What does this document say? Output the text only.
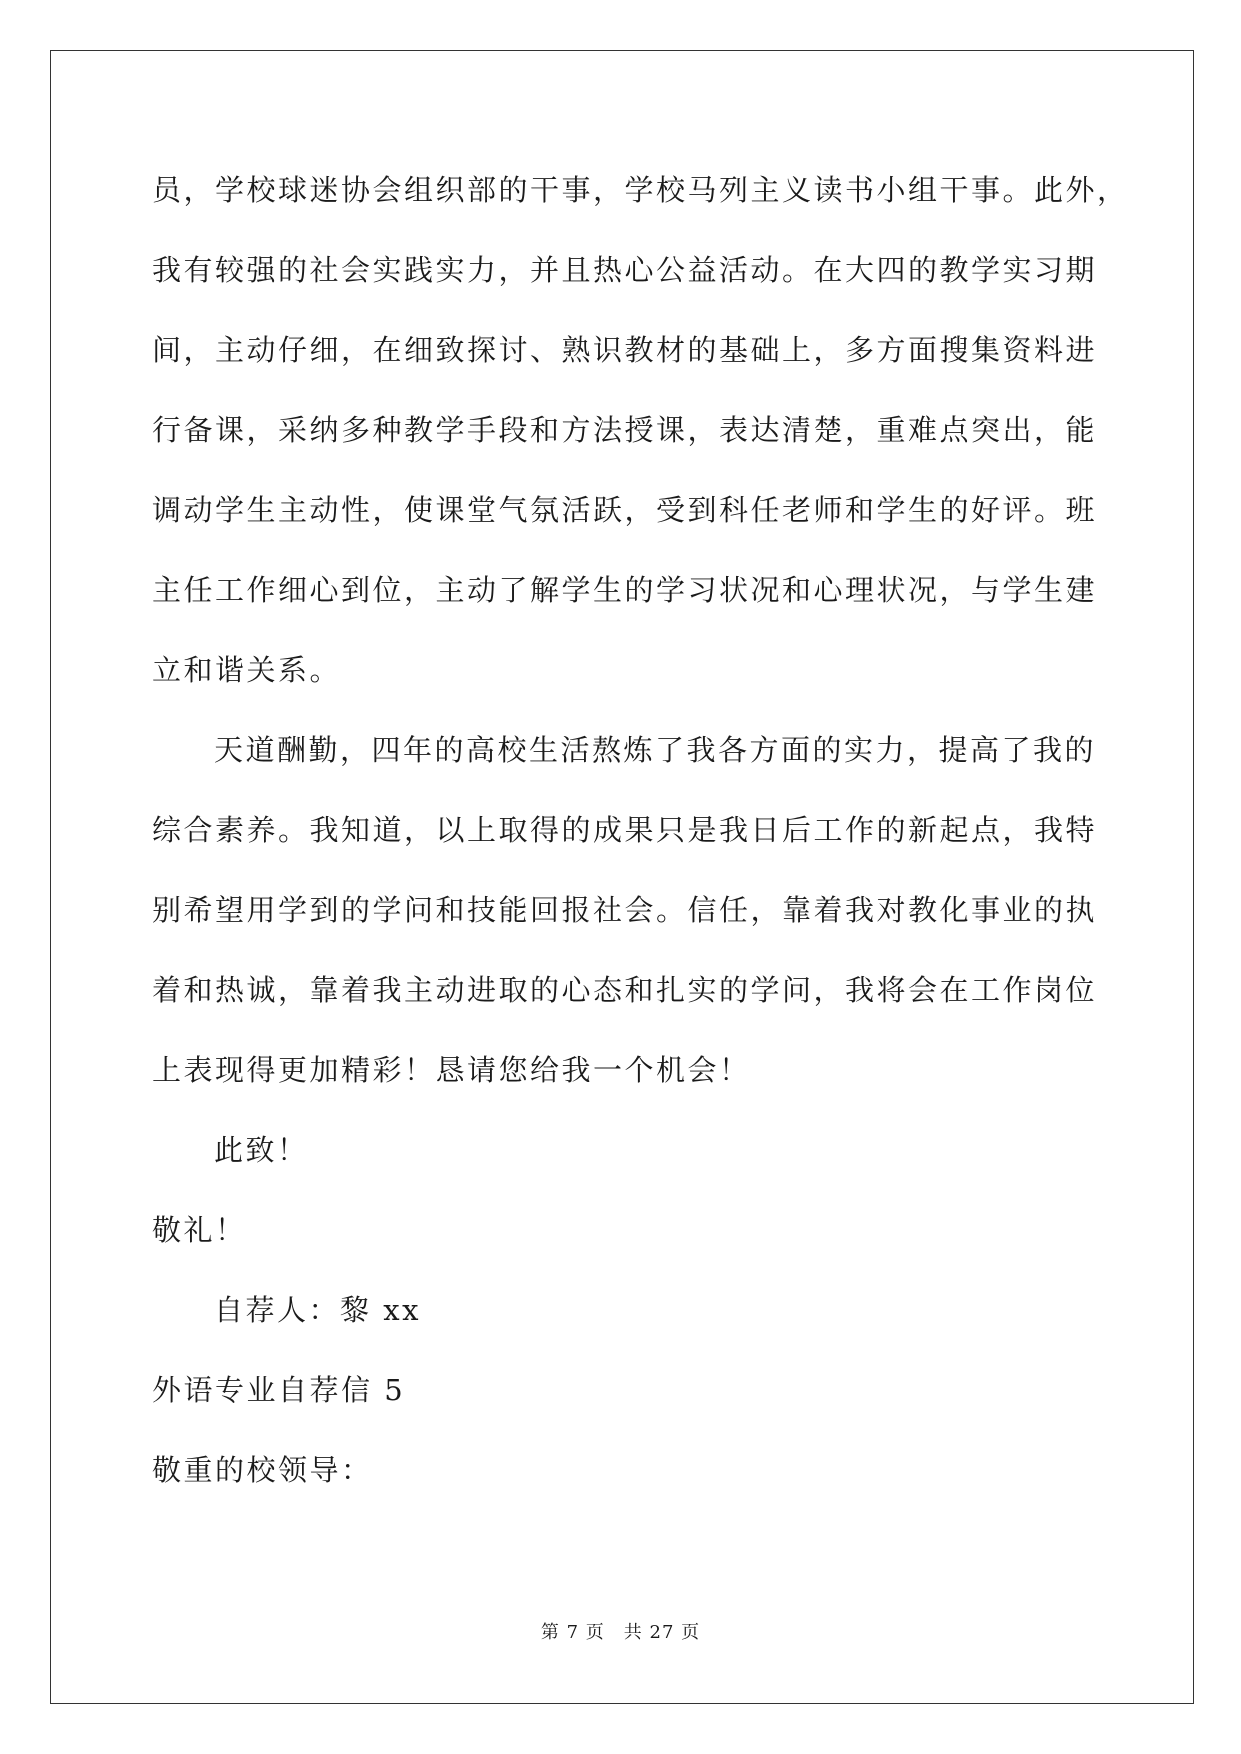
员，学校球迷协会组织部的干事，学校马列主义读书小组干事。此外，
我有较强的社会实践实力，并且热心公益活动。在大四的教学实习期
间，主动仔细，在细致探讨、熟识教材的基础上，多方面搜集资料进
行备课，采纳多种教学手段和方法授课，表达清楚，重难点突出，能
调动学生主动性，使课堂气氛活跃，受到科任老师和学生的好评。班
主任工作细心到位，主动了解学生的学习状况和心理状况，与学生建
立和谐关系。
天道酬勤，四年的高校生活熬炼了我各方面的实力，提高了我的
综合素养。我知道，以上取得的成果只是我日后工作的新起点，我特
别希望用学到的学问和技能回报社会。信任，靠着我对教化事业的执
着和热诚，靠着我主动进取的心态和扎实的学问，我将会在工作岗位
上表现得更加精彩！恳请您给我一个机会！
此致！
敬礼！
自荐人：黎 xx
外语专业自荐信 5
敬重的校领导：
第 7 页　共 27 页
